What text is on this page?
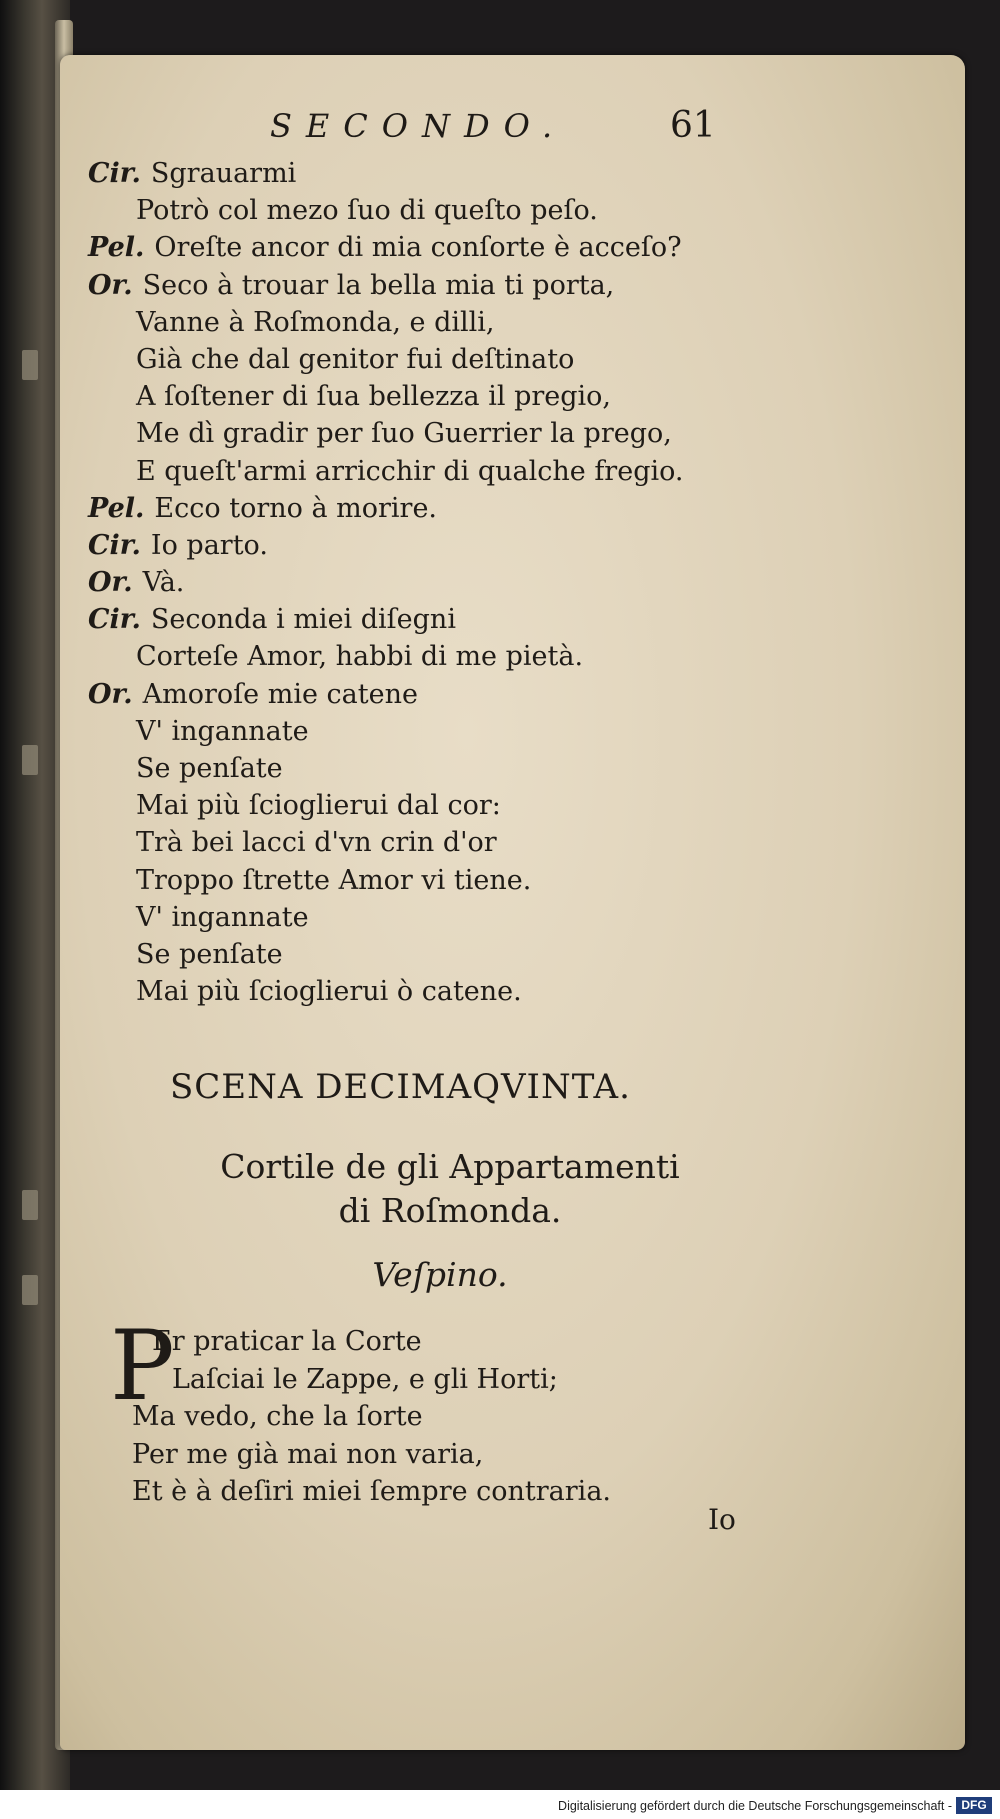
SECONDO.	61
Cir. Sgrauarmi
Potrò col mezo ſuo di queſto peſo.
Pel. Oreſte ancor di mia conſorte è acceſo?
Or. Seco à trouar la bella mia ti porta,
Vanne à Roſmonda, e dilli,
Già che dal genitor fui deſtinato
A ſoſtener di ſua bellezza il pregio,
Me dì gradir per ſuo Guerrier la prego,
E queſt'armi arricchir di qualche fregio.
Pel. Ecco torno à morire.
Cir. Io parto.
Or. Và.
Cir. Seconda i miei diſegni
Corteſe Amor, habbi di me pietà.
Or. Amoroſe mie catene
V' ingannate
Se penſate
Mai più ſcioglierui dal cor:
Trà bei lacci d'vn crin d'or
Troppo ſtrette Amor vi tiene.
V' ingannate
Se penſate
Mai più ſcioglierui ò catene.
SCENA DECIMAQVINTA.
Cortile de gli Appartamenti
di Roſmonda.
Veſpino.
P
Er praticar la Corte
Laſciai le Zappe, e gli Horti;
Ma vedo, che la ſorte
Per me già mai non varia,
Et è à deſiri miei ſempre contraria.
Io
Digitalisierung gefördert durch die Deutsche Forschungsgemeinschaft - DFG
